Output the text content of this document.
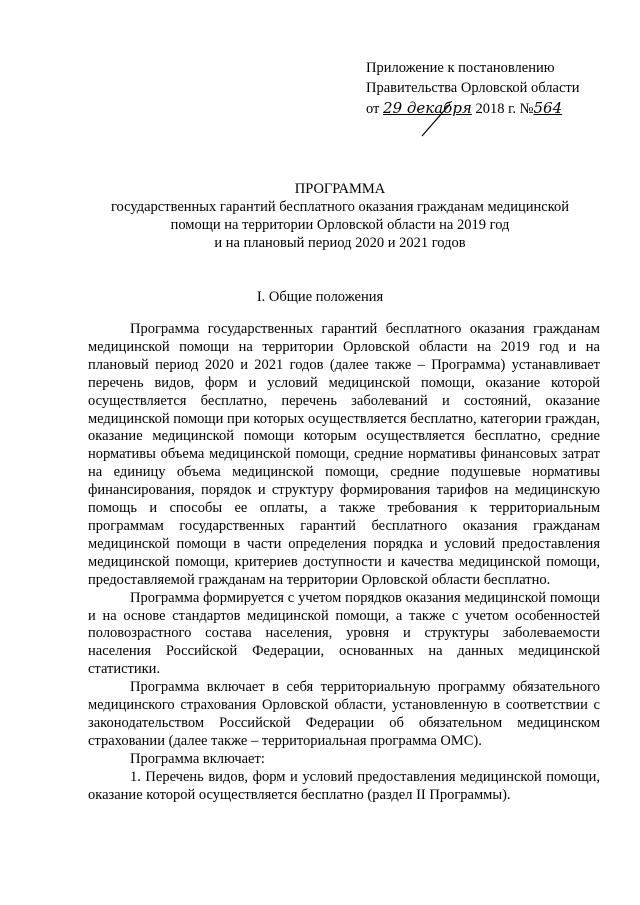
Приложение к постановлению
Правительства Орловской области
от 29 декабря 2018 г. №564
ПРОГРАММА
государственных гарантий бесплатного оказания гражданам медицинской
помощи на территории Орловской области на 2019 год
и на плановый период 2020 и 2021 годов
I. Общие положения

Программа государственных гарантий бесплатного оказания гражданам медицинской помощи на территории Орловской области на 2019 год и на плановый период 2020 и 2021 годов (далее также – Программа) устанавливает перечень видов, форм и условий медицинской помощи, оказание которой осуществляется бесплатно, перечень заболеваний и состояний, оказание медицинской помощи при которых осуществляется бесплатно, категории граждан, оказание медицинской помощи которым осуществляется бесплатно, средние нормативы объема медицинской помощи, средние нормативы финансовых затрат на единицу объема медицинской помощи, средние подушевые нормативы финансирования, порядок и структуру формирования тарифов на медицинскую помощь и способы ее оплаты, а также требования к территориальным программам государственных гарантий бесплатного оказания гражданам медицинской помощи в части определения порядка и условий предоставления медицинской помощи, критериев доступности и качества медицинской помощи, предоставляемой гражданам на территории Орловской области бесплатно.

Программа формируется с учетом порядков оказания медицинской помощи и на основе стандартов медицинской помощи, а также с учетом особенностей половозрастного состава населения, уровня и структуры заболеваемости населения Российской Федерации, основанных на данных медицинской статистики.

Программа включает в себя территориальную программу обязательного медицинского страхования Орловской области, установленную в соответствии с законодательством Российской Федерации об обязательном медицинском страховании (далее также – территориальная программа ОМС).

Программа включает:

1. Перечень видов, форм и условий предоставления медицинской помощи, оказание которой осуществляется бесплатно (раздел II Программы).
